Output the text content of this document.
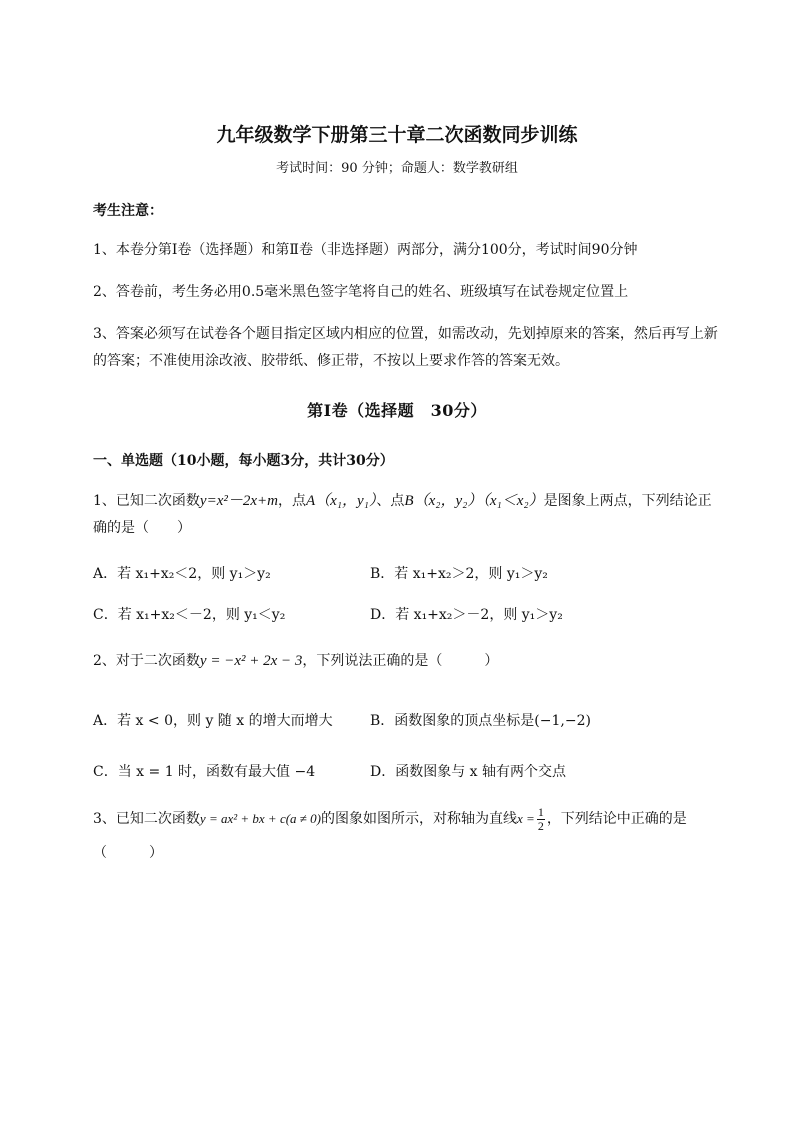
九年级数学下册第三十章二次函数同步训练
考试时间：90 分钟；命题人：数学教研组
考生注意：
1、本卷分第Ⅰ卷（选择题）和第Ⅱ卷（非选择题）两部分，满分100分，考试时间90分钟
2、答卷前，考生务必用0.5毫米黑色签字笔将自己的姓名、班级填写在试卷规定位置上
3、答案必须写在试卷各个题目指定区域内相应的位置，如需改动，先划掉原来的答案，然后再写上新
的答案；不准使用涂改液、胶带纸、修正带，不按以上要求作答的答案无效。
第Ⅰ卷（选择题　30分）
一、单选题（10小题，每小题3分，共计30分）
1、已知二次函数y=x²－2x+m，点A（x₁，y₁）、点B（x₂，y₂）（x₁＜x₂）是图象上两点，下列结论正
确的是（　　）
A．若 x₁+x₂＜2，则 y₁＞y₂	B．若 x₁+x₂＞2，则 y₁＞y₂
C．若 x₁+x₂＜－2，则 y₁＜y₂	D．若 x₁+x₂＞－2，则 y₁＞y₂
2、对于二次函数y = −x² + 2x − 3，下列说法正确的是（　　　）
A．若 x < 0，则 y 随 x 的增大而增大	B．函数图象的顶点坐标是(−1,−2)
C．当 x = 1 时，函数有最大值 −4	D．函数图象与 x 轴有两个交点
3、已知二次函数y = ax² + bx + c(a ≠ 0)的图象如图所示，对称轴为直线$x = \frac{1}{2}$ ，下列结论中正确的是
（　　　）
